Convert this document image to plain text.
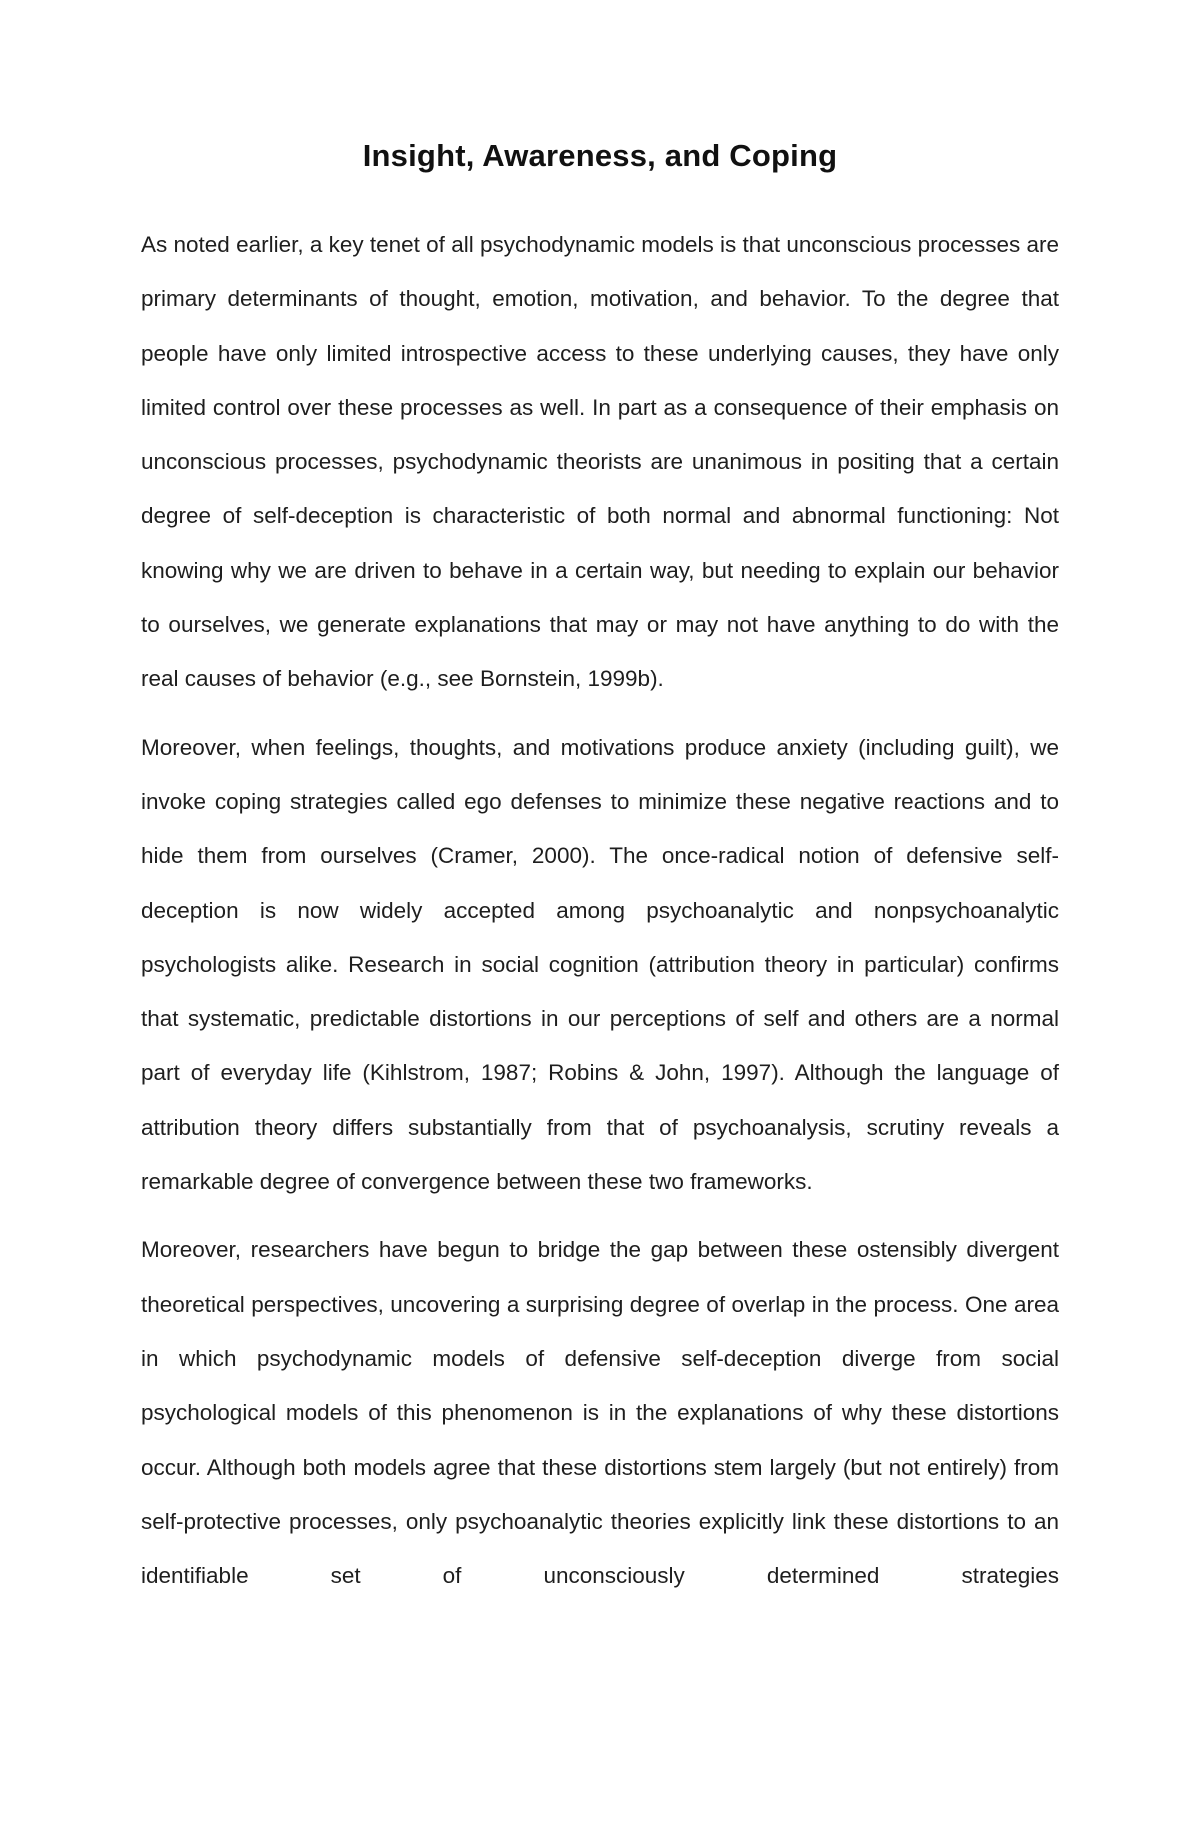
Insight, Awareness, and Coping

As noted earlier, a key tenet of all psychodynamic models is that unconscious processes are primary determinants of thought, emotion, motivation, and behavior. To the degree that people have only limited introspective access to these underlying causes, they have only limited control over these processes as well. In part as a consequence of their emphasis on unconscious processes, psychodynamic theorists are unanimous in positing that a certain degree of self-deception is characteristic of both normal and abnormal functioning: Not knowing why we are driven to behave in a certain way, but needing to explain our behavior to ourselves, we generate explanations that may or may not have anything to do with the real causes of behavior (e.g., see Bornstein, 1999b).

Moreover, when feelings, thoughts, and motivations produce anxiety (including guilt), we invoke coping strategies called ego defenses to minimize these negative reactions and to hide them from ourselves (Cramer, 2000). The once-radical notion of defensive self-deception is now widely accepted among psychoanalytic and nonpsychoanalytic psychologists alike. Research in social cognition (attribution theory in particular) confirms that systematic, predictable distortions in our perceptions of self and others are a normal part of everyday life (Kihlstrom, 1987; Robins & John, 1997). Although the language of attribution theory differs substantially from that of psychoanalysis, scrutiny reveals a remarkable degree of convergence between these two frameworks.

Moreover, researchers have begun to bridge the gap between these ostensibly divergent theoretical perspectives, uncovering a surprising degree of overlap in the process. One area in which psychodynamic models of defensive self-deception diverge from social psychological models of this phenomenon is in the explanations of why these distortions occur. Although both models agree that these distortions stem largely (but not entirely) from self-protective processes, only psychoanalytic theories explicitly link these distortions to an identifiable set of unconsciously determined strategies
